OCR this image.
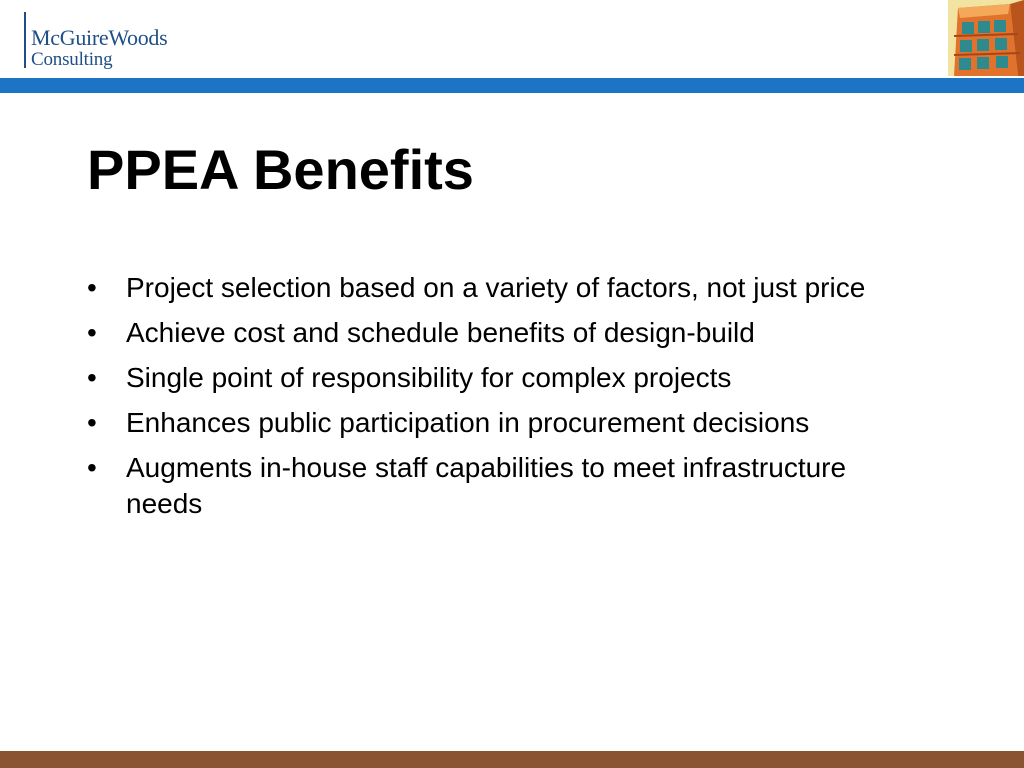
McGuireWoods
Consulting
PPEA Benefits
• Project selection based on a variety of factors, not just price
• Achieve cost and schedule benefits of design-build
• Single point of responsibility for complex projects
• Enhances public participation in procurement decisions
• Augments in-house staff capabilities to meet infrastructure needs
